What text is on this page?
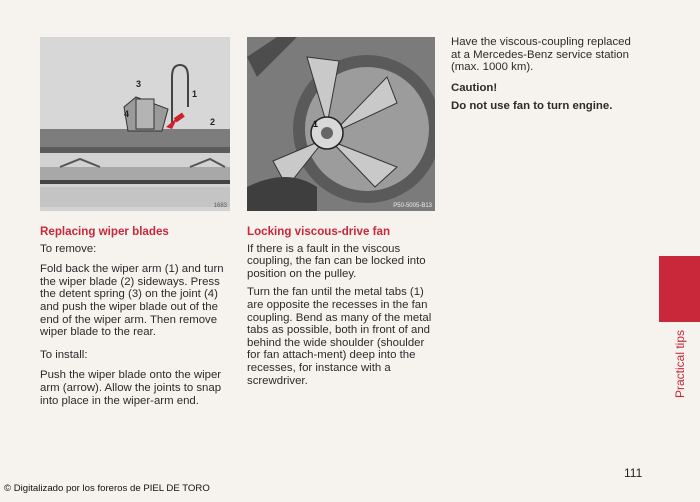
3
4
1
2
1683
1
P50-5005-B13
Replacing wiper blades

To remove:

Fold back the wiper arm (1) and turn the wiper blade (2) sideways. Press the detent spring (3) on the joint (4) and push the wiper blade out of the end of the wiper arm. Then remove wiper blade to the rear.

To install:

Push the wiper blade onto the wiper arm (arrow). Allow the joints to snap into place in the wiper-arm end.

Locking viscous-drive fan

If there is a fault in the viscous coupling, the fan can be locked into position on the pulley.

Turn the fan until the metal tabs (1) are opposite the recesses in the fan coupling. Bend as many of the metal tabs as possible, both in front of and behind the wide shoulder (shoulder for fan attach-ment) deep into the recesses, for instance with a screwdriver.

Have the viscous-coupling replaced at a Mercedes-Benz service station (max. 1000 km).

Caution!

Do not use fan to turn engine.

Practical tips
111
© Digitalizado por los foreros de PIEL DE TORO
